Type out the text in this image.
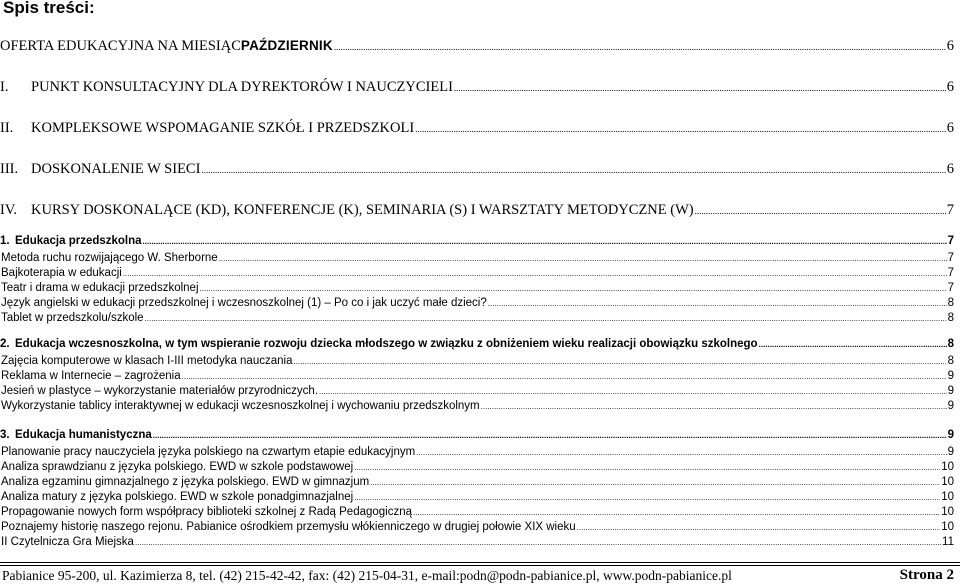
Spis treści:
OFERTA EDUKACYJNA NA MIESIĄC PAŹDZIERNIK .....	6
I.	PUNKT KONSULTACYJNY DLA DYREKTORÓW I NAUCZYCIELI .....	6
II.	KOMPLEKSOWE WSPOMAGANIE SZKÓŁ I PRZEDSZKOLI .....	6
III. DOSKONALENIE W SIECI .....	6
IV. KURSY DOSKONALĄCE (KD), KONFERENCJE (K), SEMINARIA (S) I WARSZTATY METODYCZNE (W) .....	7
1. Edukacja przedszkolna .....	7
Metoda ruchu rozwijającego W. Sherborne .....	7
Bajkoterapia w edukacji .....	7
Teatr i drama w edukacji przedszkolnej .....	7
Język angielski w edukacji przedszkolnej i wczesnoszkolnej (1) – Po co i jak uczyć małe dzieci? .....	8
Tablet w przedszkolu/szkole .....	8
2. Edukacja wczesnoszkolna, w tym wspieranie rozwoju dziecka młodszego w związku z obniżeniem wieku realizacji obowiązku szkolnego .....	8
Zajęcia komputerowe w klasach I-III metodyka nauczania .....	8
Reklama w Internecie – zagrożenia .....	9
Jesień w plastyce – wykorzystanie materiałów przyrodniczych. .....	9
Wykorzystanie tablicy interaktywnej w edukacji wczesnoszkolnej i wychowaniu przedszkolnym .....	9
3. Edukacja humanistyczna .....	9
Planowanie pracy nauczyciela języka polskiego na czwartym etapie edukacyjnym .....	9
Analiza sprawdzianu z języka polskiego. EWD w szkole podstawowej .....	10
Analiza egzaminu gimnazjalnego z języka polskiego. EWD w gimnazjum .....	10
Analiza matury z języka polskiego. EWD w szkole ponadgimnazjalnej .....	10
Propagowanie nowych form współpracy biblioteki szkolnej z Radą Pedagogiczną .....	10
Poznajemy historię naszego rejonu. Pabianice ośrodkiem przemysłu włókienniczego w drugiej połowie XIX wieku .....	10
II Czytelnicza Gra Miejska .....	11
Pabianice 95-200, ul. Kazimierza 8, tel. (42) 215-42-42, fax: (42) 215-04-31, e-mail:podn@podn-pabianice.pl, www.podn-pabianice.pl	Strona 2
